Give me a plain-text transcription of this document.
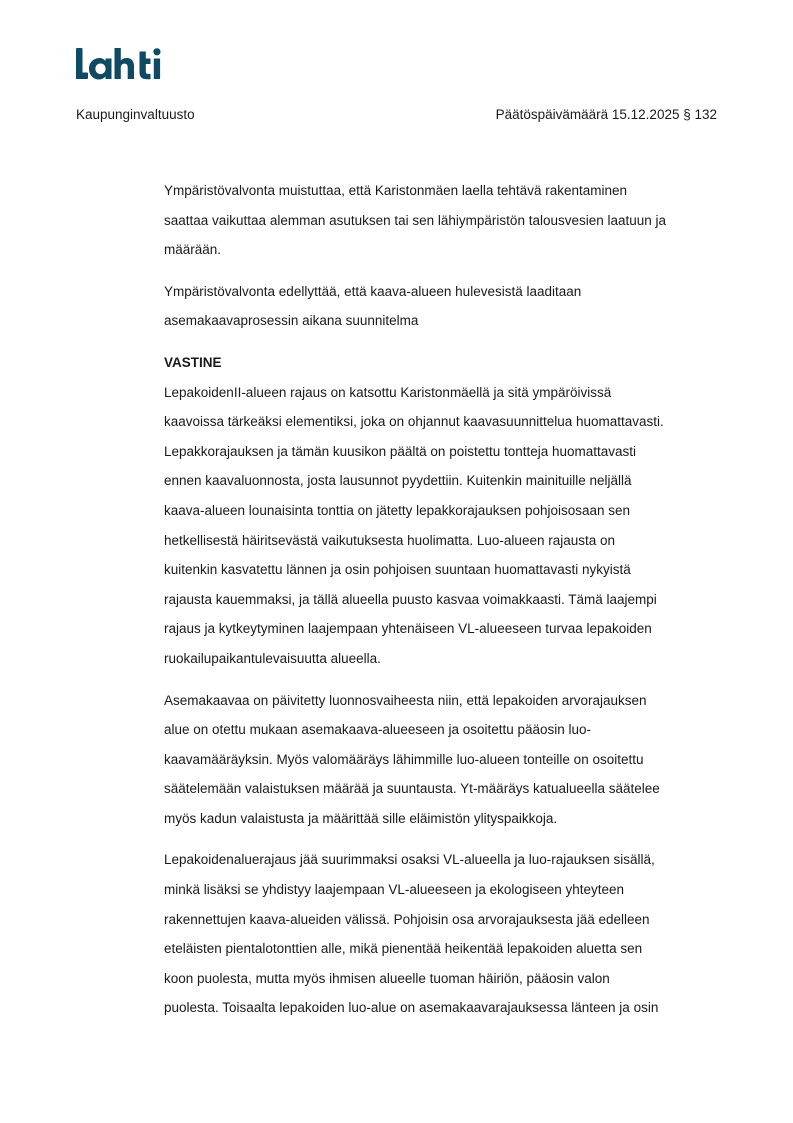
Kaupunginvaltuusto	Päätöspäivämäärä 15.12.2025 § 132

Ympäristövalvonta muistuttaa, että Karistonmäen laella tehtävä rakentaminen
saattaa vaikuttaa alemman asutuksen tai sen lähiympäristön talousvesien laatuun ja
määrään.

Ympäristövalvonta edellyttää, että kaava-alueen hulevesistä laaditaan
asemakaavaprosessin aikana suunnitelma

VASTINE

LepakoidenII-alueen rajaus on katsottu Karistonmäellä ja sitä ympäröivissä
kaavoissa tärkeäksi elementiksi, joka on ohjannut kaavasuunnittelua huomattavasti.
Lepakkorajauksen ja tämän kuusikon päältä on poistettu tontteja huomattavasti
ennen kaavaluonnosta, josta lausunnot pyydettiin. Kuitenkin mainituille neljällä
kaava-alueen lounaisinta tonttia on jätetty lepakkorajauksen pohjoisosaan sen
hetkellisestä häiritsevästä vaikutuksesta huolimatta. Luo-alueen rajausta on
kuitenkin kasvatettu lännen ja osin pohjoisen suuntaan huomattavasti nykyistä
rajausta kauemmaksi, ja tällä alueella puusto kasvaa voimakkaasti. Tämä laajempi
rajaus ja kytkeytyminen laajempaan yhtenäiseen VL-alueeseen turvaa lepakoiden
ruokailupaikantulevaisuutta alueella.

Asemakaavaa on päivitetty luonnosvaiheesta niin, että lepakoiden arvorajauksen
alue on otettu mukaan asemakaava-alueeseen ja osoitettu pääosin luo-
kaavamääräyksin. Myös valomääräys lähimmille luo-alueen tonteille on osoitettu
säätelemään valaistuksen määrää ja suuntausta. Yt-määräys katualueella säätelee
myös kadun valaistusta ja määrittää sille eläimistön ylityspaikkoja.

Lepakoidenaluerajaus jää suurimmaksi osaksi VL-alueella ja luo-rajauksen sisällä,
minkä lisäksi se yhdistyy laajempaan VL-alueeseen ja ekologiseen yhteyteen
rakennettujen kaava-alueiden välissä. Pohjoisin osa arvorajauksesta jää edelleen
eteläisten pientalotonttien alle, mikä pienentää heikentää lepakoiden aluetta sen
koon puolesta, mutta myös ihmisen alueelle tuoman häiriön, pääosin valon
puolesta. Toisaalta lepakoiden luo-alue on asemakaavarajauksessa länteen ja osin
